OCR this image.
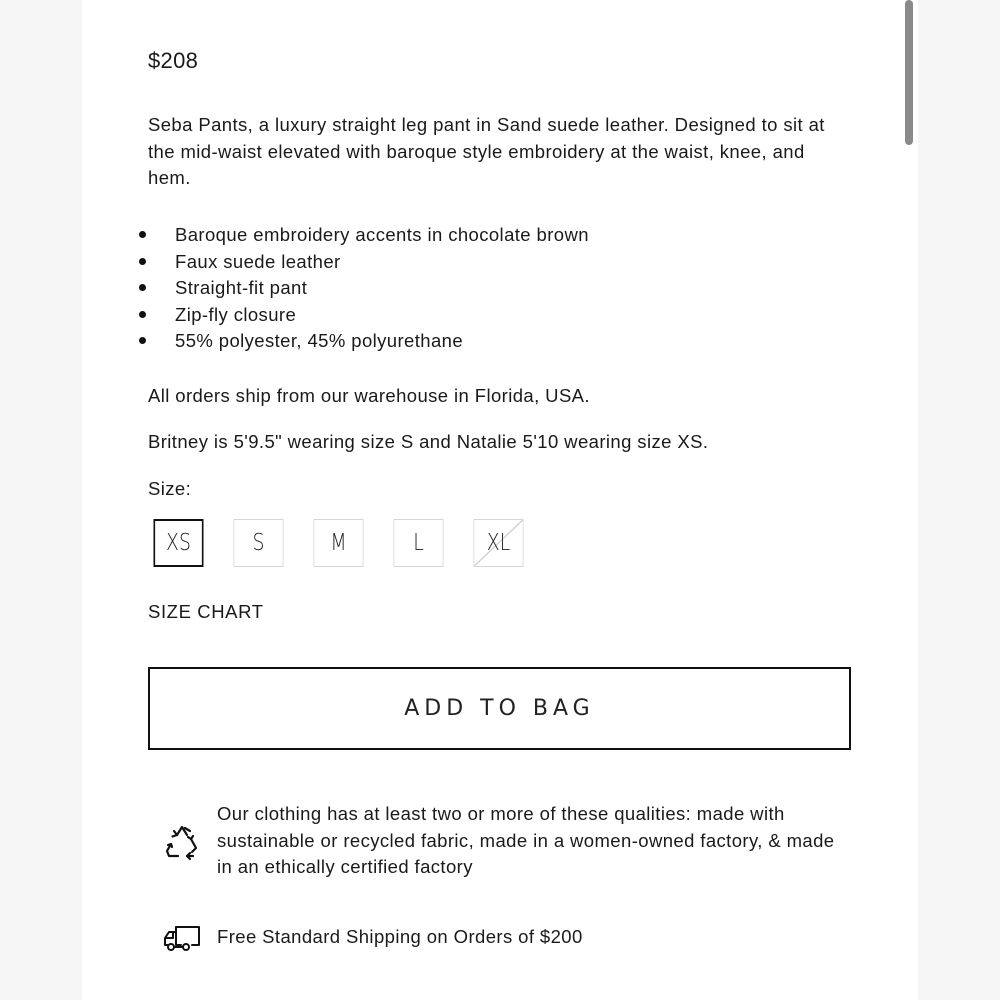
$208
Seba Pants, a luxury straight leg pant in Sand suede leather. Designed to sit at the mid-waist elevated with baroque style embroidery at the waist, knee, and hem.
Baroque embroidery accents in chocolate brown
Faux suede leather
Straight-fit pant
Zip-fly closure
55% polyester, 45% polyurethane
All orders ship from our warehouse in Florida, USA.
Britney is 5'9.5" wearing size S and Natalie 5'10 wearing size XS.
Size:
XS	S	M	L	XL
SIZE CHART
ADD TO BAG
Our clothing has at least two or more of these qualities: made with sustainable or recycled fabric, made in a women-owned factory, & made in an ethically certified factory
Free Standard Shipping on Orders of $200
